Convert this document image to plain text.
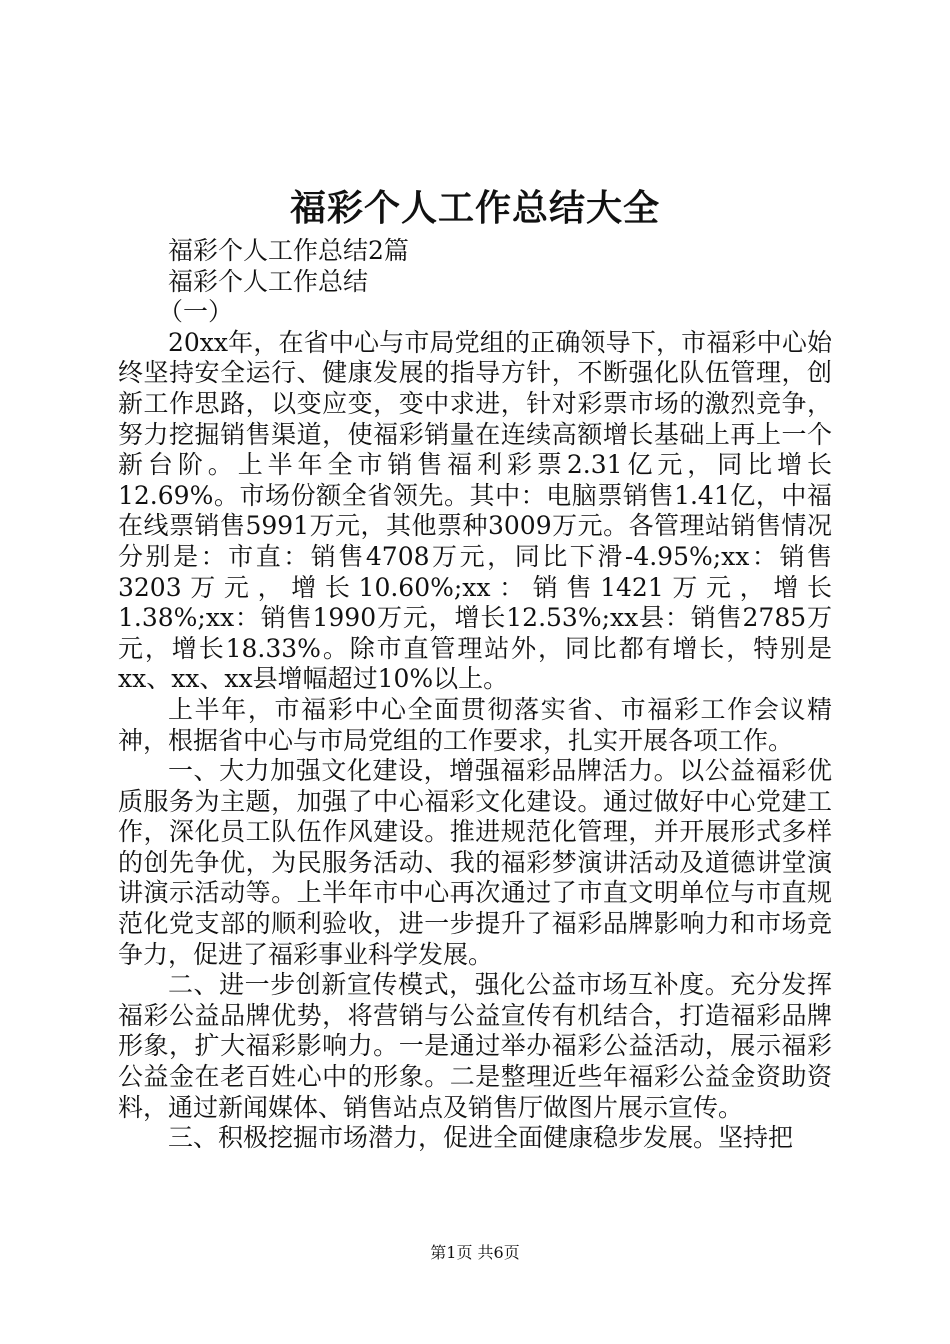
福彩个人工作总结大全

福彩个人工作总结2篇

福彩个人工作总结

（一）

20xx年，在省中心与市局党组的正确领导下，市福彩中心始终坚持安全运行、健康发展的指导方针，不断强化队伍管理，创新工作思路，以变应变，变中求进，针对彩票市场的激烈竞争，努力挖掘销售渠道，使福彩销量在连续高额增长基础上再上一个新台阶。上半年全市销售福利彩票2.31亿元，同比增长12.69%。市场份额全省领先。其中：电脑票销售1.41亿，中福在线票销售5991万元，其他票种3009万元。各管理站销售情况分别是：市直：销售4708万元，同比下滑-4.95%;xx：销售3203万元，增长10.60%;xx：销售1421万元，增长1.38%;xx：销售1990万元，增长12.53%;xx县：销售2785万元，增长18.33%。除市直管理站外，同比都有增长，特别是xx、xx、xx县增幅超过10%以上。

上半年，市福彩中心全面贯彻落实省、市福彩工作会议精神，根据省中心与市局党组的工作要求，扎实开展各项工作。

一、大力加强文化建设，增强福彩品牌活力。以公益福彩优质服务为主题，加强了中心福彩文化建设。通过做好中心党建工作，深化员工队伍作风建设。推进规范化管理，并开展形式多样的创先争优，为民服务活动、我的福彩梦演讲活动及道德讲堂演讲演示活动等。上半年市中心再次通过了市直文明单位与市直规范化党支部的顺利验收，进一步提升了福彩品牌影响力和市场竞争力，促进了福彩事业科学发展。

二、进一步创新宣传模式，强化公益市场互补度。充分发挥福彩公益品牌优势，将营销与公益宣传有机结合，打造福彩品牌形象，扩大福彩影响力。一是通过举办福彩公益活动，展示福彩公益金在老百姓心中的形象。二是整理近些年福彩公益金资助资料，通过新闻媒体、销售站点及销售厅做图片展示宣传。

三、积极挖掘市场潜力，促进全面健康稳步发展。坚持把

第1页 共6页
